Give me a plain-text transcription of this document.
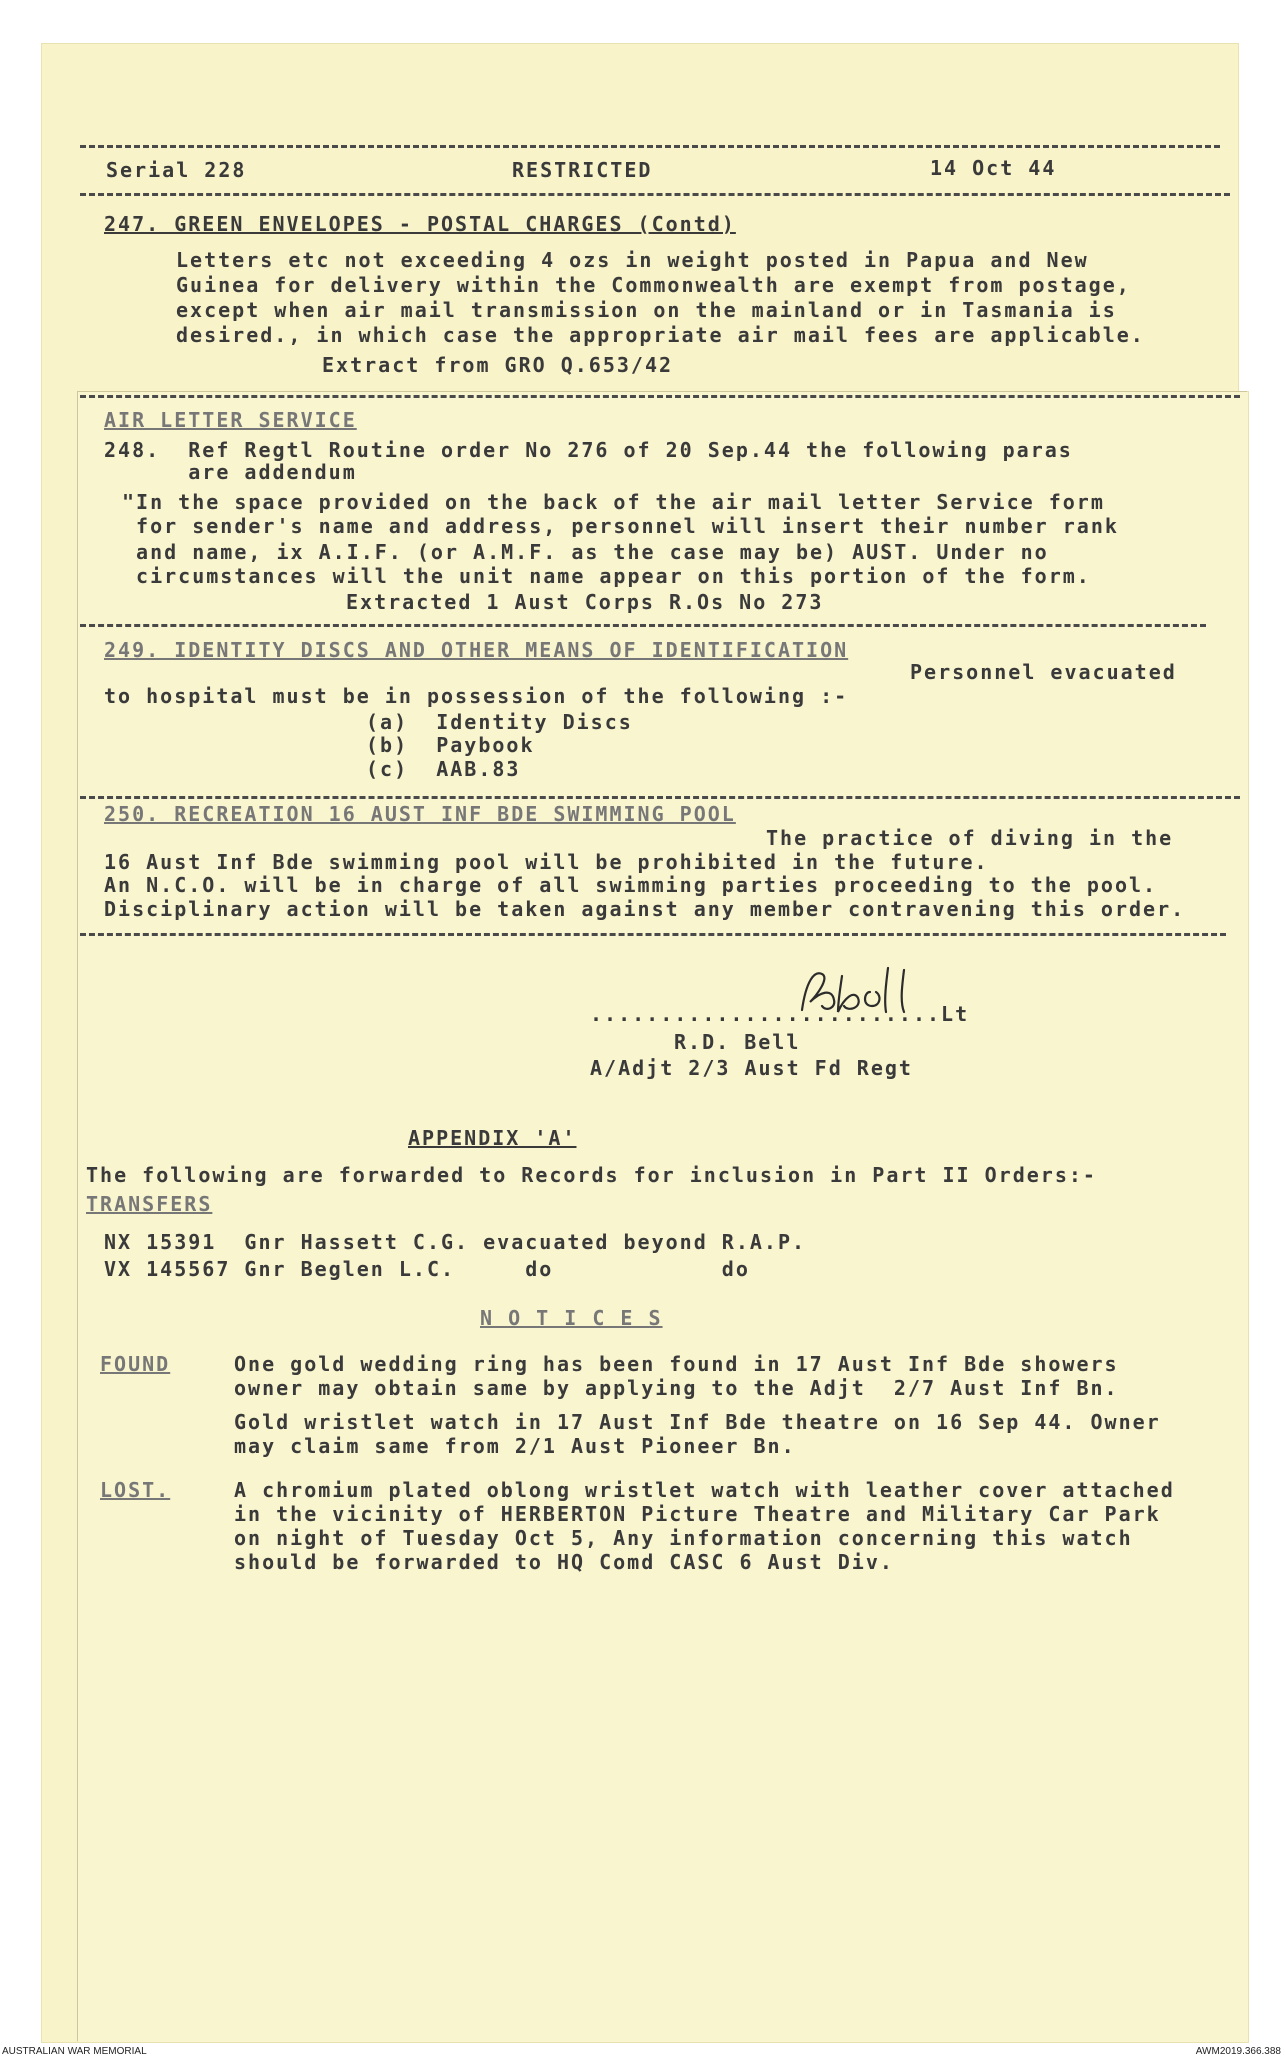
Serial 228	RESTRICTED	14 Oct 44
247. GREEN ENVELOPES - POSTAL CHARGES (Contd)
Letters etc not exceeding 4 ozs in weight posted in Papua and New
Guinea for delivery within the Commonwealth are exempt from postage,
except when air mail transmission on the mainland or in Tasmania is
desired., in which case the appropriate air mail fees are applicable.
Extract from GRO Q.653/42
AIR LETTER SERVICE
248.  Ref Regtl Routine order No 276 of 20 Sep.44 the following paras
are addendum
"In the space provided on the back of the air mail letter Service form
for sender's name and address, personnel will insert their number rank
and name, ix A.I.F. (or A.M.F. as the case may be) AUST. Under no
circumstances will the unit name appear on this portion of the form.
Extracted 1 Aust Corps R.Os No 273
249. IDENTITY DISCS AND OTHER MEANS OF IDENTIFICATION
Personnel evacuated
to hospital must be in possession of the following :-
(a)  Identity Discs
(b)  Paybook
(c)  AAB.83
250. RECREATION 16 AUST INF BDE SWIMMING POOL
The practice of diving in the
16 Aust Inf Bde swimming pool will be prohibited in the future.
An N.C.O. will be in charge of all swimming parties proceeding to the pool.
Disciplinary action will be taken against any member contravening this order.
.........................Lt
R.D. Bell
A/Adjt 2/3 Aust Fd Regt
APPENDIX 'A'
The following are forwarded to Records for inclusion in Part II Orders:-
TRANSFERS
NX 15391  Gnr Hassett C.G. evacuated beyond R.A.P.
VX 145567 Gnr Beglen L.C.     do            do
N O T I C E S
FOUND	One gold wedding ring has been found in 17 Aust Inf Bde showers
owner may obtain same by applying to the Adjt  2/7 Aust Inf Bn.
Gold wristlet watch in 17 Aust Inf Bde theatre on 16 Sep 44. Owner
may claim same from 2/1 Aust Pioneer Bn.
LOST.	A chromium plated oblong wristlet watch with leather cover attached
in the vicinity of HERBERTON Picture Theatre and Military Car Park
on night of Tuesday Oct 5, Any information concerning this watch
should be forwarded to HQ Comd CASC 6 Aust Div.
AUSTRALIAN WAR MEMORIAL	AWM2019.366.388
